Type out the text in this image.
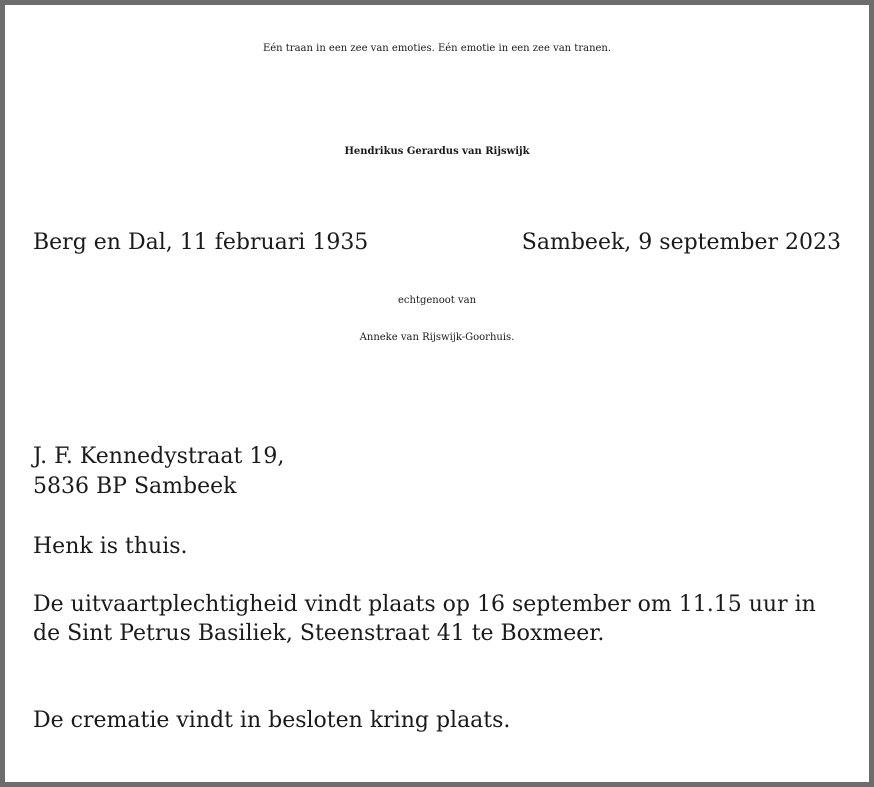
Eén traan in een zee van emoties. Eén emotie in een zee van tranen.
Hendrikus Gerardus van Rijswijk
Berg en Dal, 11 februari 1935	Sambeek, 9 september 2023
echtgenoot van
Anneke van Rijswijk-Goorhuis.
J. F. Kennedystraat 19,
5836 BP Sambeek
Henk is thuis.
De uitvaartplechtigheid vindt plaats op 16 september om 11.15 uur in
de Sint Petrus Basiliek, Steenstraat 41 te Boxmeer.
De crematie vindt in besloten kring plaats.
